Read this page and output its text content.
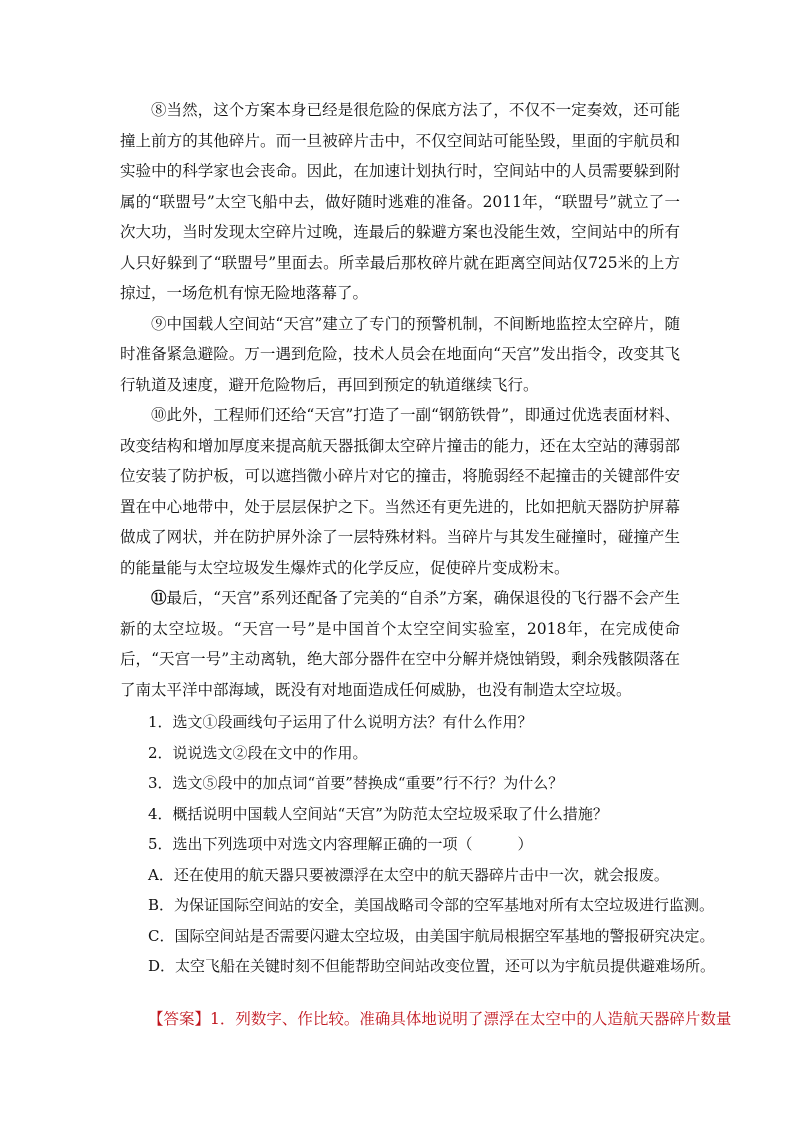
⑧当然，这个方案本身已经是很危险的保底方法了，不仅不一定奏效，还可能撞上前方的其他碎片。而一旦被碎片击中，不仅空间站可能坠毁，里面的宇航员和实验中的科学家也会丧命。因此，在加速计划执行时，空间站中的人员需要躲到附属的“联盟号”太空飞船中去，做好随时逃难的准备。2011年，“联盟号”就立了一次大功，当时发现太空碎片过晚，连最后的躲避方案也没能生效，空间站中的所有人只好躲到了“联盟号”里面去。所幸最后那枚碎片就在距离空间站仅725米的上方掠过，一场危机有惊无险地落幕了。

⑨中国载人空间站“天宫”建立了专门的预警机制，不间断地监控太空碎片，随时准备紧急避险。万一遇到危险，技术人员会在地面向“天宫”发出指令，改变其飞行轨道及速度，避开危险物后，再回到预定的轨道继续飞行。

⑩此外，工程师们还给“天宫”打造了一副“钢筋铁骨”，即通过优选表面材料、改变结构和增加厚度来提高航天器抵御太空碎片撞击的能力，还在太空站的薄弱部位安装了防护板，可以遮挡微小碎片对它的撞击，将脆弱经不起撞击的关键部件安置在中心地带中，处于层层保护之下。当然还有更先进的，比如把航天器防护屏幕做成了网状，并在防护屏外涂了一层特殊材料。当碎片与其发生碰撞时，碰撞产生的能量能与太空垃圾发生爆炸式的化学反应，促使碎片变成粉末。

⑪最后，“天宫”系列还配备了完美的“自杀”方案，确保退役的飞行器不会产生新的太空垃圾。“天宫一号”是中国首个太空空间实验室，2018年，在完成使命后，“天宫一号”主动离轨，绝大部分器件在空中分解并烧蚀销毁，剩余残骸陨落在了南太平洋中部海域，既没有对地面造成任何威胁，也没有制造太空垃圾。

1．选文①段画线句子运用了什么说明方法？有什么作用？

2．说说选文②段在文中的作用。

3．选文⑤段中的加点词“首要”替换成“重要”行不行？为什么？

4．概括说明中国载人空间站“天宫”为防范太空垃圾采取了什么措施？

5．选出下列选项中对选文内容理解正确的一项（　　　）

A．还在使用的航天器只要被漂浮在太空中的航天器碎片击中一次，就会报废。

B．为保证国际空间站的安全，美国战略司令部的空军基地对所有太空垃圾进行监测。

C．国际空间站是否需要闪避太空垃圾，由美国宇航局根据空军基地的警报研究决定。

D．太空飞船在关键时刻不但能帮助空间站改变位置，还可以为宇航员提供避难场所。

【答案】1．列数字、作比较。准确具体地说明了漂浮在太空中的人造航天器碎片数量
